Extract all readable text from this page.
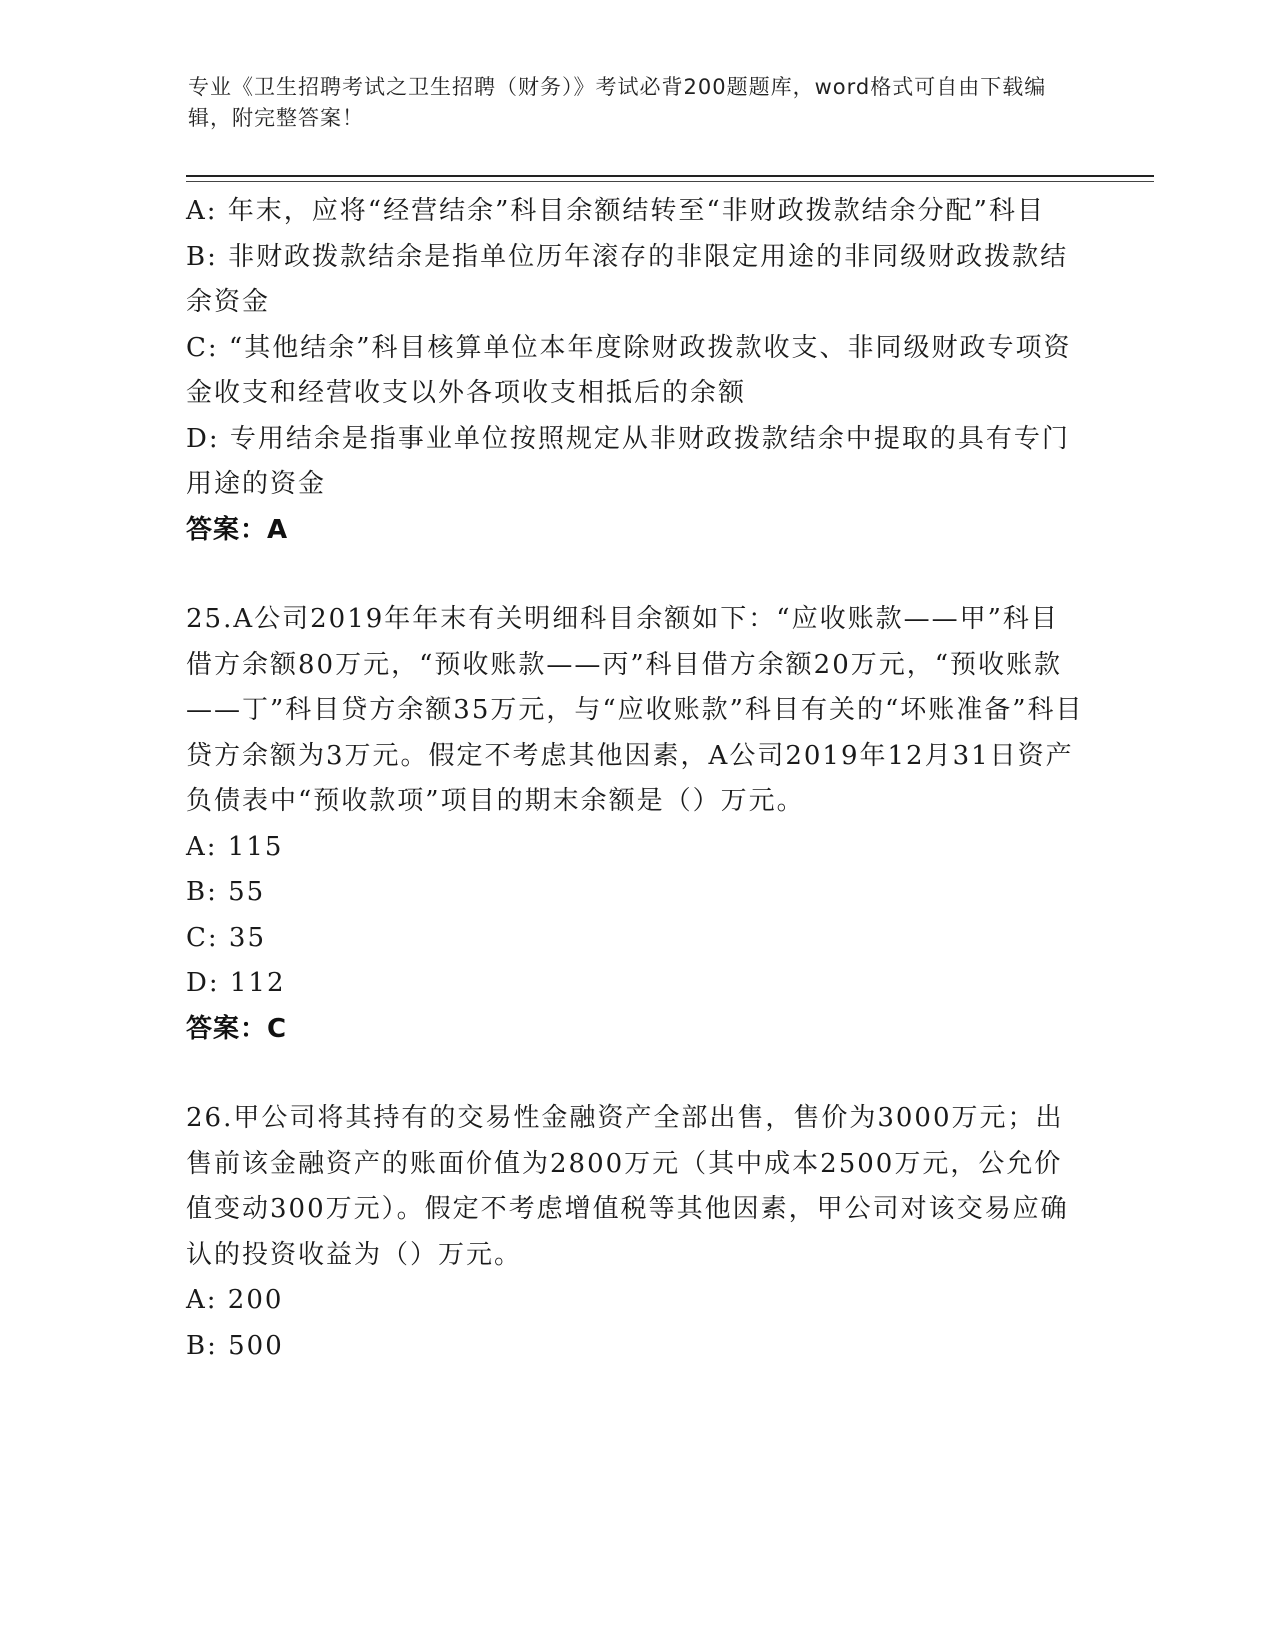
专业《卫生招聘考试之卫生招聘（财务）》考试必背200题题库，word格式可自由下载编辑，附完整答案！

A: 年末，应将“经营结余”科目余额结转至“非财政拨款结余分配”科目

B: 非财政拨款结余是指单位历年滚存的非限定用途的非同级财政拨款结余资金

C: “其他结余”科目核算单位本年度除财政拨款收支、非同级财政专项资金收支和经营收支以外各项收支相抵后的余额

D: 专用结余是指事业单位按照规定从非财政拨款结余中提取的具有专门用途的资金

答案：A

25.A公司2019年年末有关明细科目余额如下：“应收账款——甲”科目借方余额80万元，“预收账款——丙”科目借方余额20万元，“预收账款——丁”科目贷方余额35万元，与“应收账款”科目有关的“坏账准备”科目贷方余额为3万元。假定不考虑其他因素，A公司2019年12月31日资产负债表中“预收款项”项目的期末余额是（）万元。

A: 115

B: 55

C: 35

D: 112

答案：C

26.甲公司将其持有的交易性金融资产全部出售，售价为3000万元；出售前该金融资产的账面价值为2800万元（其中成本2500万元，公允价值变动300万元）。假定不考虑增值税等其他因素，甲公司对该交易应确认的投资收益为（）万元。

A: 200

B: 500
